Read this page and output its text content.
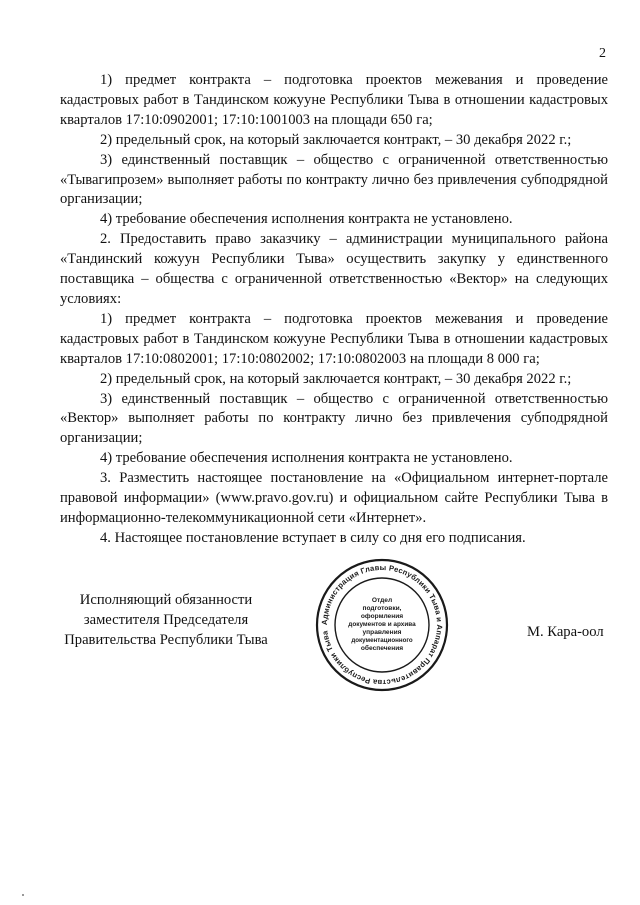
2

1) предмет контракта – подготовка проектов межевания и проведение кадастровых работ в Тандинском кожууне Республики Тыва в отношении кадастровых кварталов 17:10:0902001; 17:10:1001003 на площади 650 га;

2) предельный срок, на который заключается контракт, – 30 декабря 2022 г.;

3) единственный поставщик – общество с ограниченной ответственностью «Тывагипрозем» выполняет работы по контракту лично без привлечения субподрядной организации;

4) требование обеспечения исполнения контракта не установлено.

2. Предоставить право заказчику – администрации муниципального района «Тандинский кожуун Республики Тыва» осуществить закупку у единственного поставщика – общества с ограниченной ответственностью «Вектор» на следующих условиях:

1) предмет контракта – подготовка проектов межевания и проведение кадастровых работ в Тандинском кожууне Республики Тыва в отношении кадастровых кварталов 17:10:0802001; 17:10:0802002; 17:10:0802003 на площади 8 000 га;

2) предельный срок, на который заключается контракт, – 30 декабря 2022 г.;

3) единственный поставщик – общество с ограниченной ответственностью «Вектор» выполняет работы по контракту лично без привлечения субподрядной организации;

4) требование обеспечения исполнения контракта не установлено.

3. Разместить настоящее постановление на «Официальном интернет-портале правовой информации» (www.pravo.gov.ru) и официальном сайте Республики Тыва в информационно-телекоммуникационной сети «Интернет».

4. Настоящее постановление вступает в силу со дня его подписания.

Исполняющий обязанности
заместителя Председателя
Правительства Республики Тыва
Администрация Главы Республики Тыва и Аппарат Правительства Республики Тыва
Отдел
подготовки,
оформления
документов и архива
управления
документационного
обеспечения
М. Кара-оол
